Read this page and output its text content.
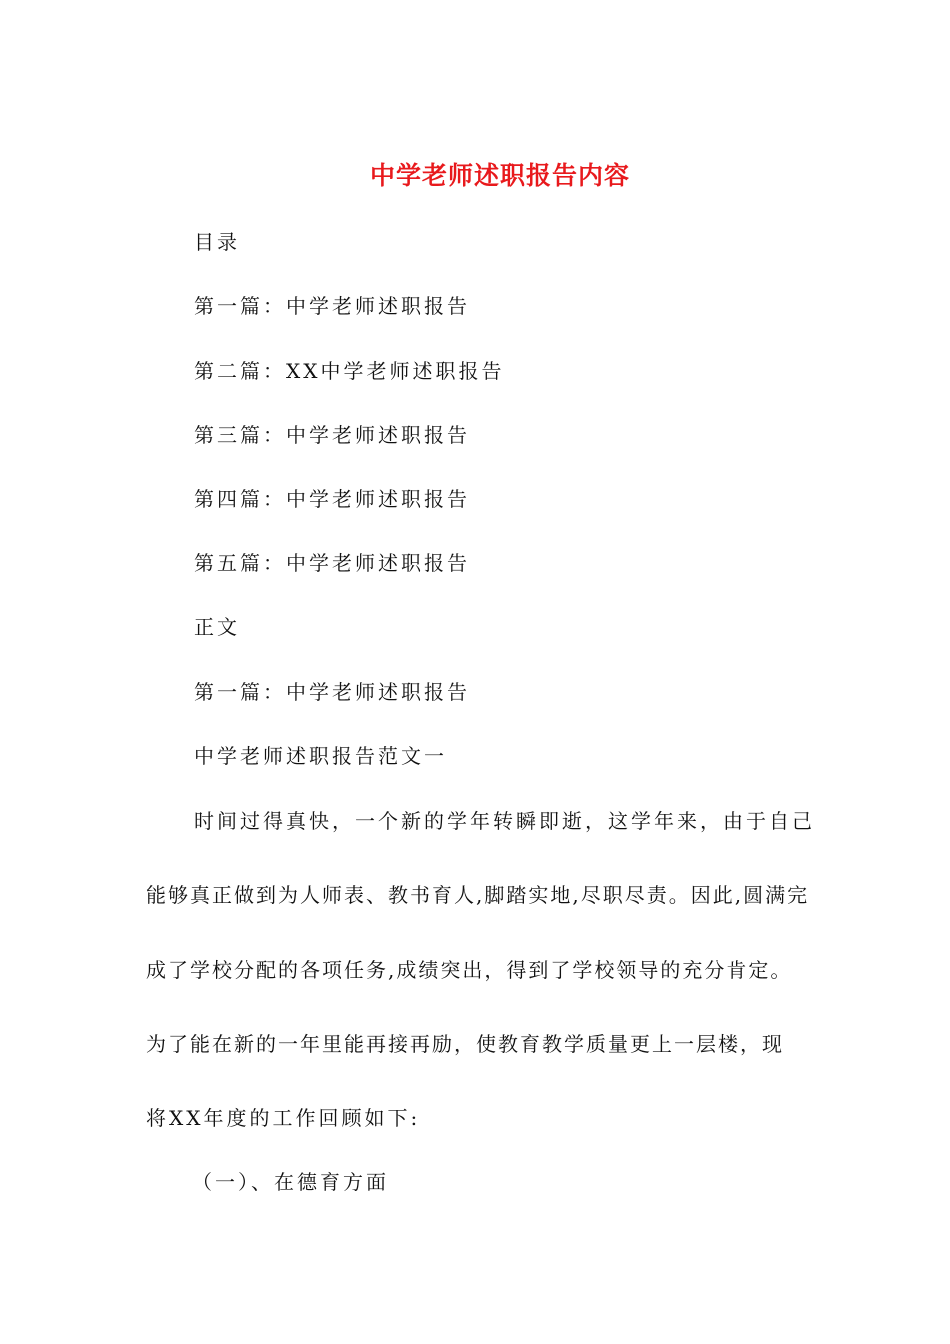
中学老师述职报告内容
目录
第一篇：中学老师述职报告
第二篇：XX中学老师述职报告
第三篇：中学老师述职报告
第四篇：中学老师述职报告
第五篇：中学老师述职报告
正文
第一篇：中学老师述职报告
中学老师述职报告范文一
时间过得真快，一个新的学年转瞬即逝，这学年来，由于自己
能够真正做到为人师表、教书育人,脚踏实地,尽职尽责。因此,圆满完
成了学校分配的各项任务,成绩突出，得到了学校领导的充分肯定。
为了能在新的一年里能再接再励，使教育教学质量更上一层楼，现
将XX年度的工作回顾如下:
（一）、在德育方面
